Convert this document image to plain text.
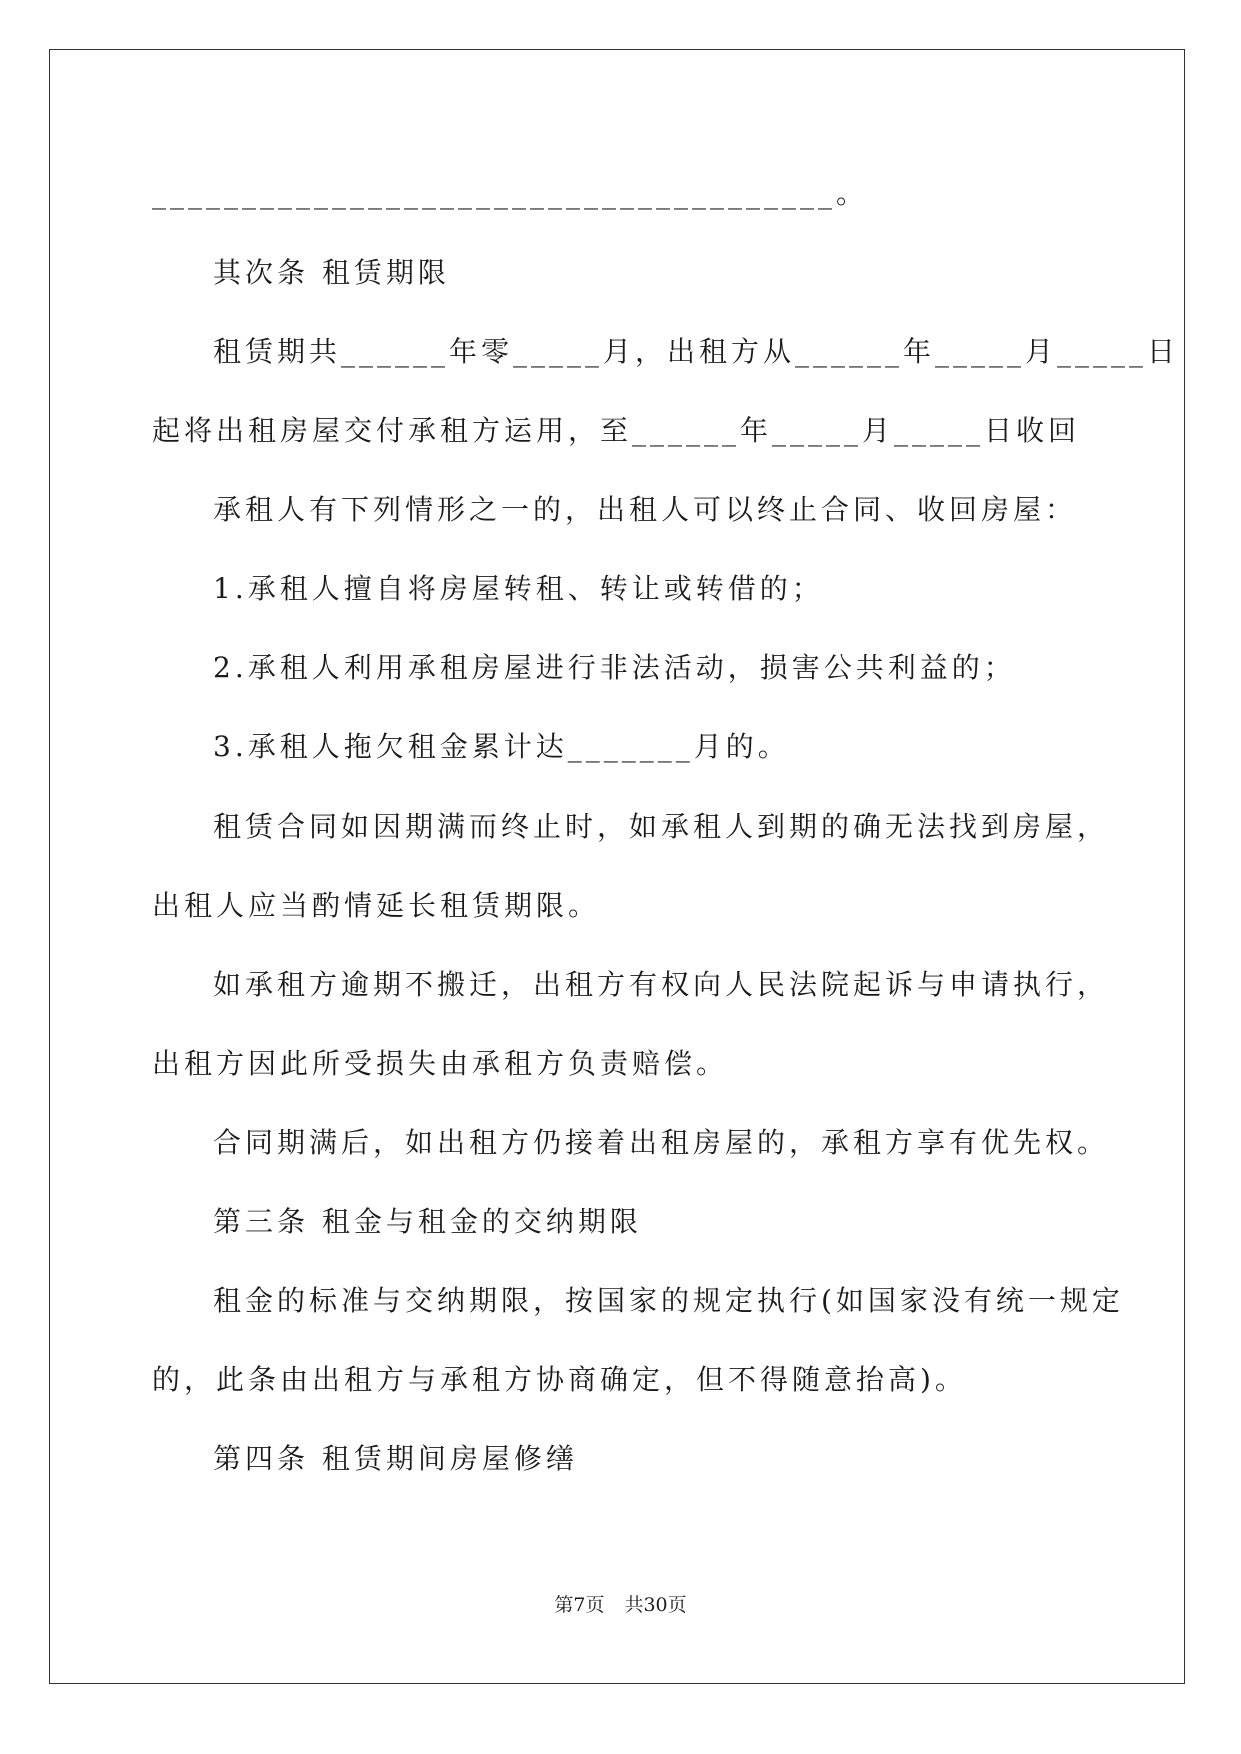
______________________________________。
其次条 租赁期限
租赁期共______年零_____月，出租方从______年_____月_____日
起将出租房屋交付承租方运用，至______年_____月_____日收回
承租人有下列情形之一的，出租人可以终止合同、收回房屋：
1.承租人擅自将房屋转租、转让或转借的；
2.承租人利用承租房屋进行非法活动，损害公共利益的；
3.承租人拖欠租金累计达_______月的。
租赁合同如因期满而终止时，如承租人到期的确无法找到房屋，
出租人应当酌情延长租赁期限。
如承租方逾期不搬迁，出租方有权向人民法院起诉与申请执行，
出租方因此所受损失由承租方负责赔偿。
合同期满后，如出租方仍接着出租房屋的，承租方享有优先权。
第三条 租金与租金的交纳期限
租金的标准与交纳期限，按国家的规定执行(如国家没有统一规定
的，此条由出租方与承租方协商确定，但不得随意抬高)。
第四条 租赁期间房屋修缮
第7页 共30页
